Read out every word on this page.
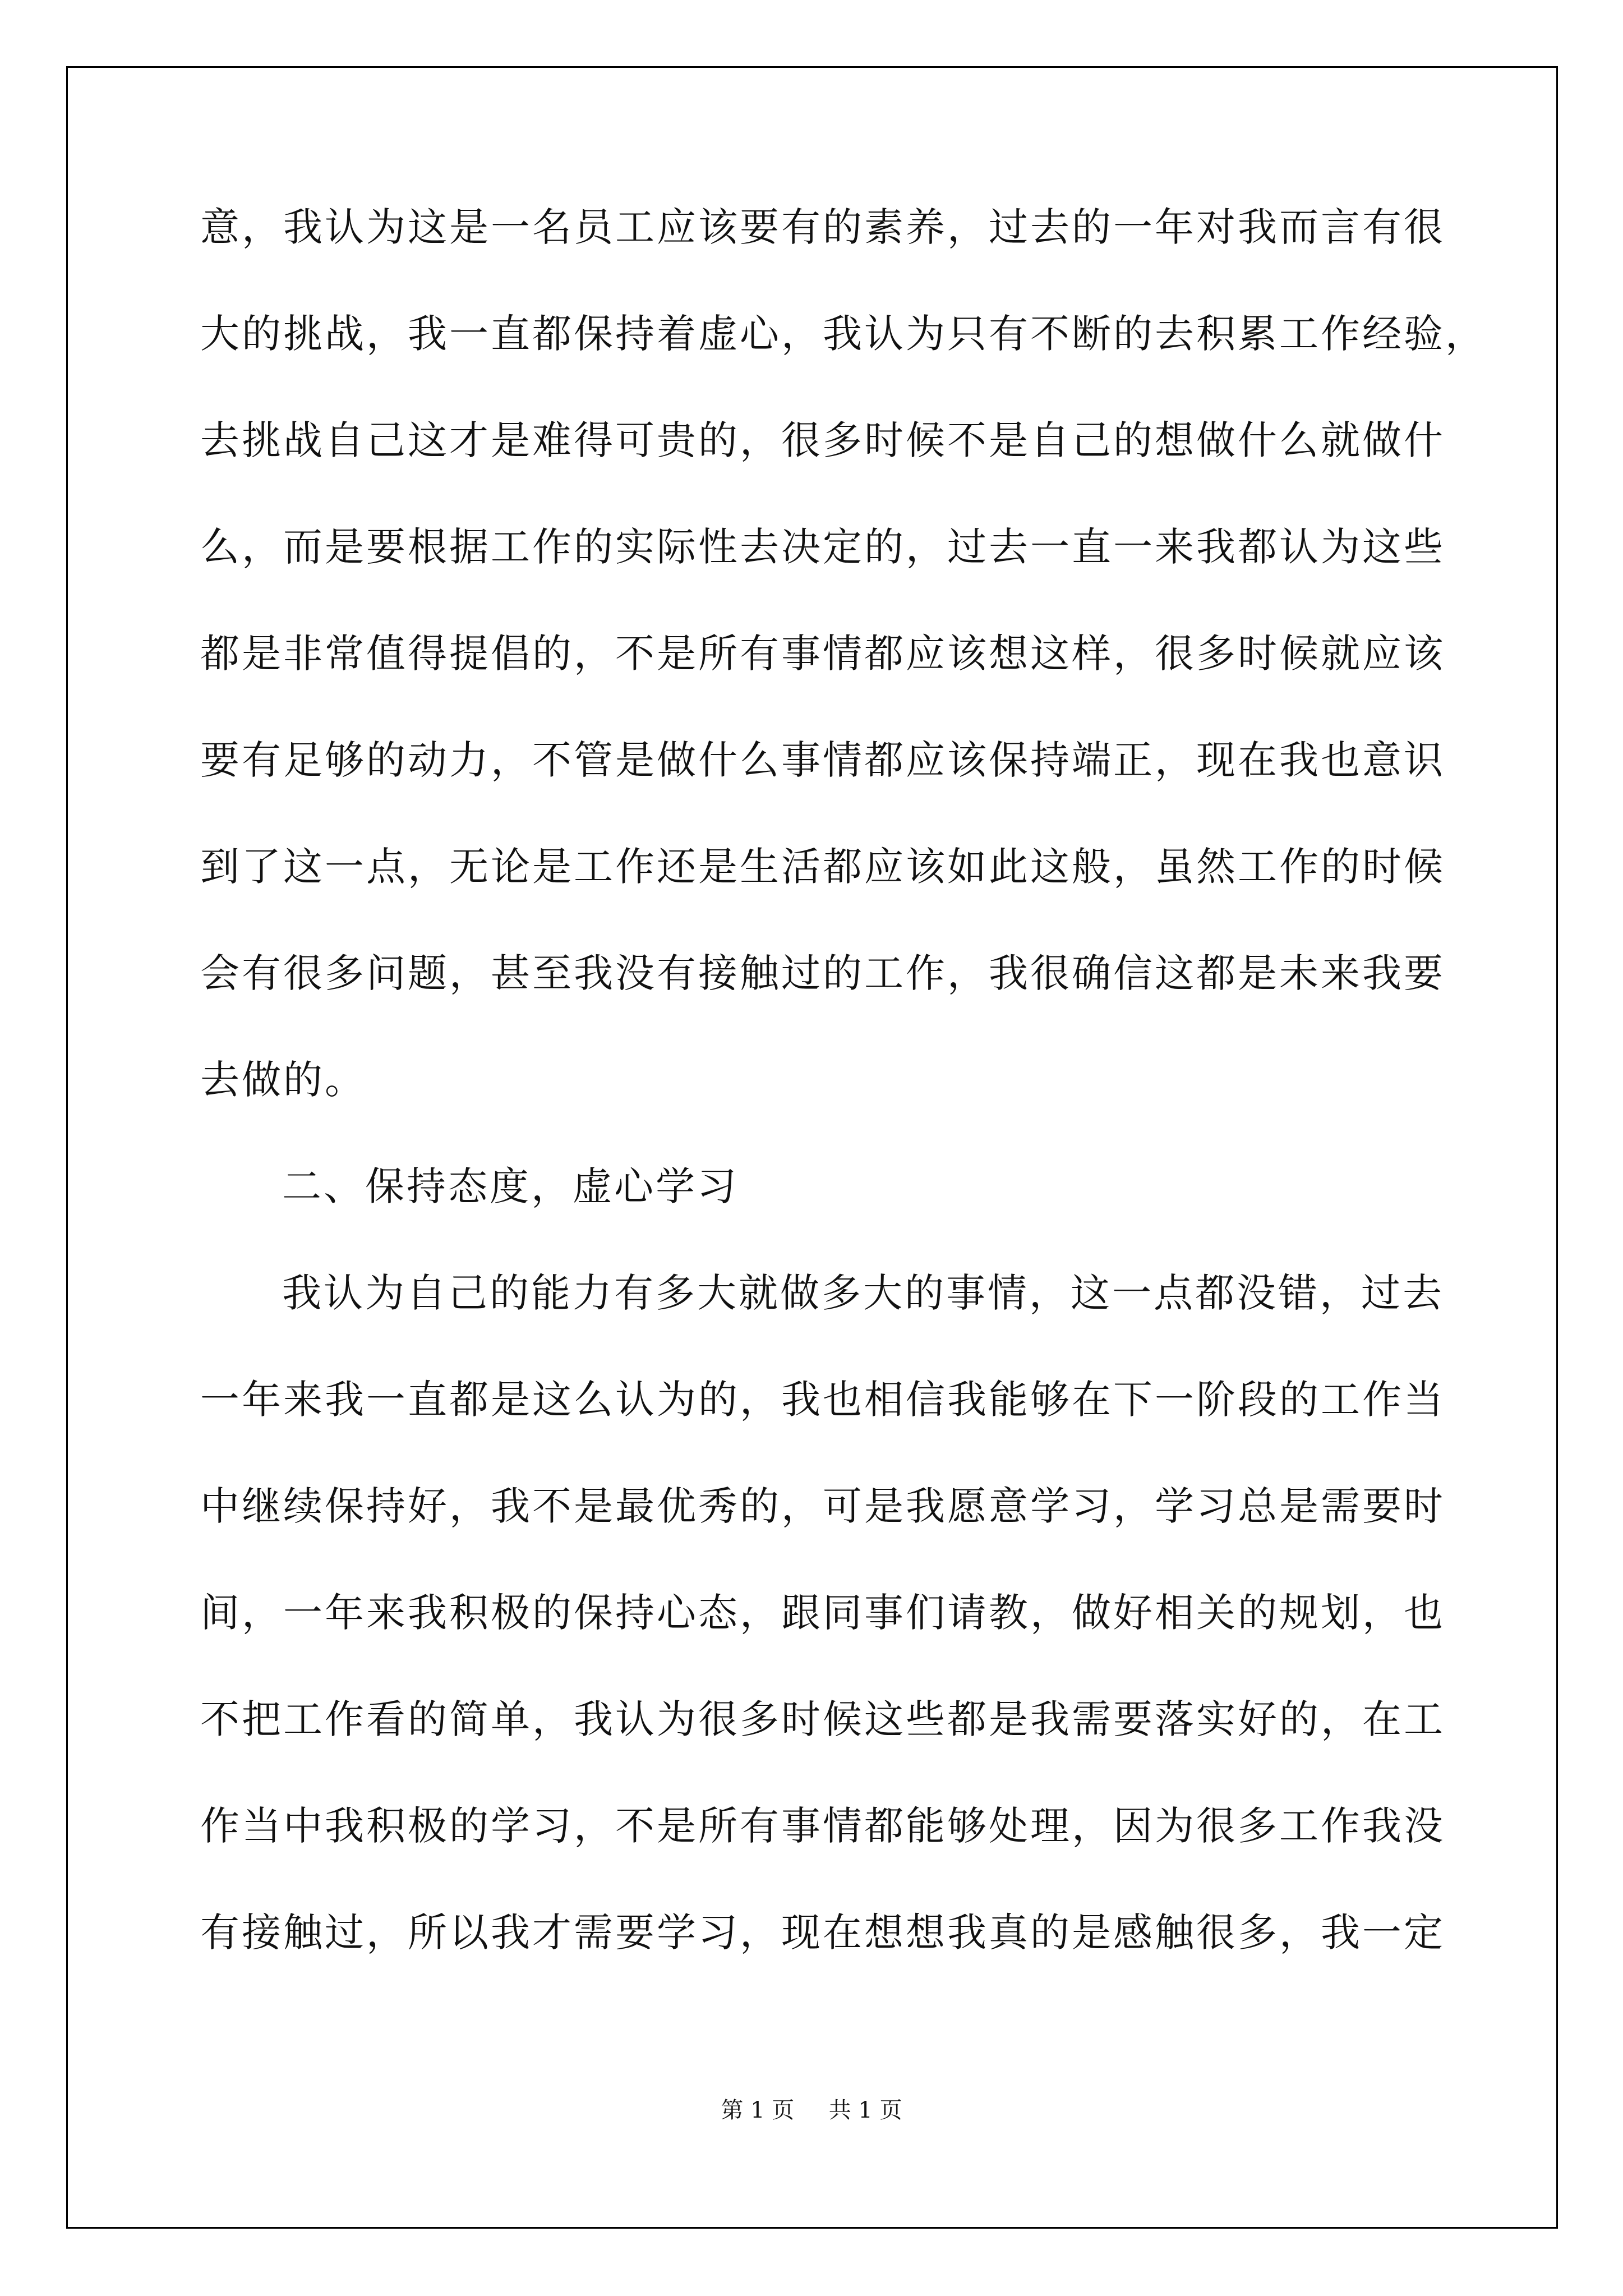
意，我认为这是一名员工应该要有的素养，过去的一年对我而言有很
大的挑战，我一直都保持着虚心，我认为只有不断的去积累工作经验，
去挑战自己这才是难得可贵的，很多时候不是自己的想做什么就做什
么，而是要根据工作的实际性去决定的，过去一直一来我都认为这些
都是非常值得提倡的，不是所有事情都应该想这样，很多时候就应该
要有足够的动力，不管是做什么事情都应该保持端正，现在我也意识
到了这一点，无论是工作还是生活都应该如此这般，虽然工作的时候
会有很多问题，甚至我没有接触过的工作，我很确信这都是未来我要
去做的。
二、保持态度，虚心学习
我认为自己的能力有多大就做多大的事情，这一点都没错，过去
一年来我一直都是这么认为的，我也相信我能够在下一阶段的工作当
中继续保持好，我不是最优秀的，可是我愿意学习，学习总是需要时
间，一年来我积极的保持心态，跟同事们请教，做好相关的规划，也
不把工作看的简单，我认为很多时候这些都是我需要落实好的，在工
作当中我积极的学习，不是所有事情都能够处理，因为很多工作我没
有接触过，所以我才需要学习，现在想想我真的是感触很多，我一定
第 1 页 共 1 页
